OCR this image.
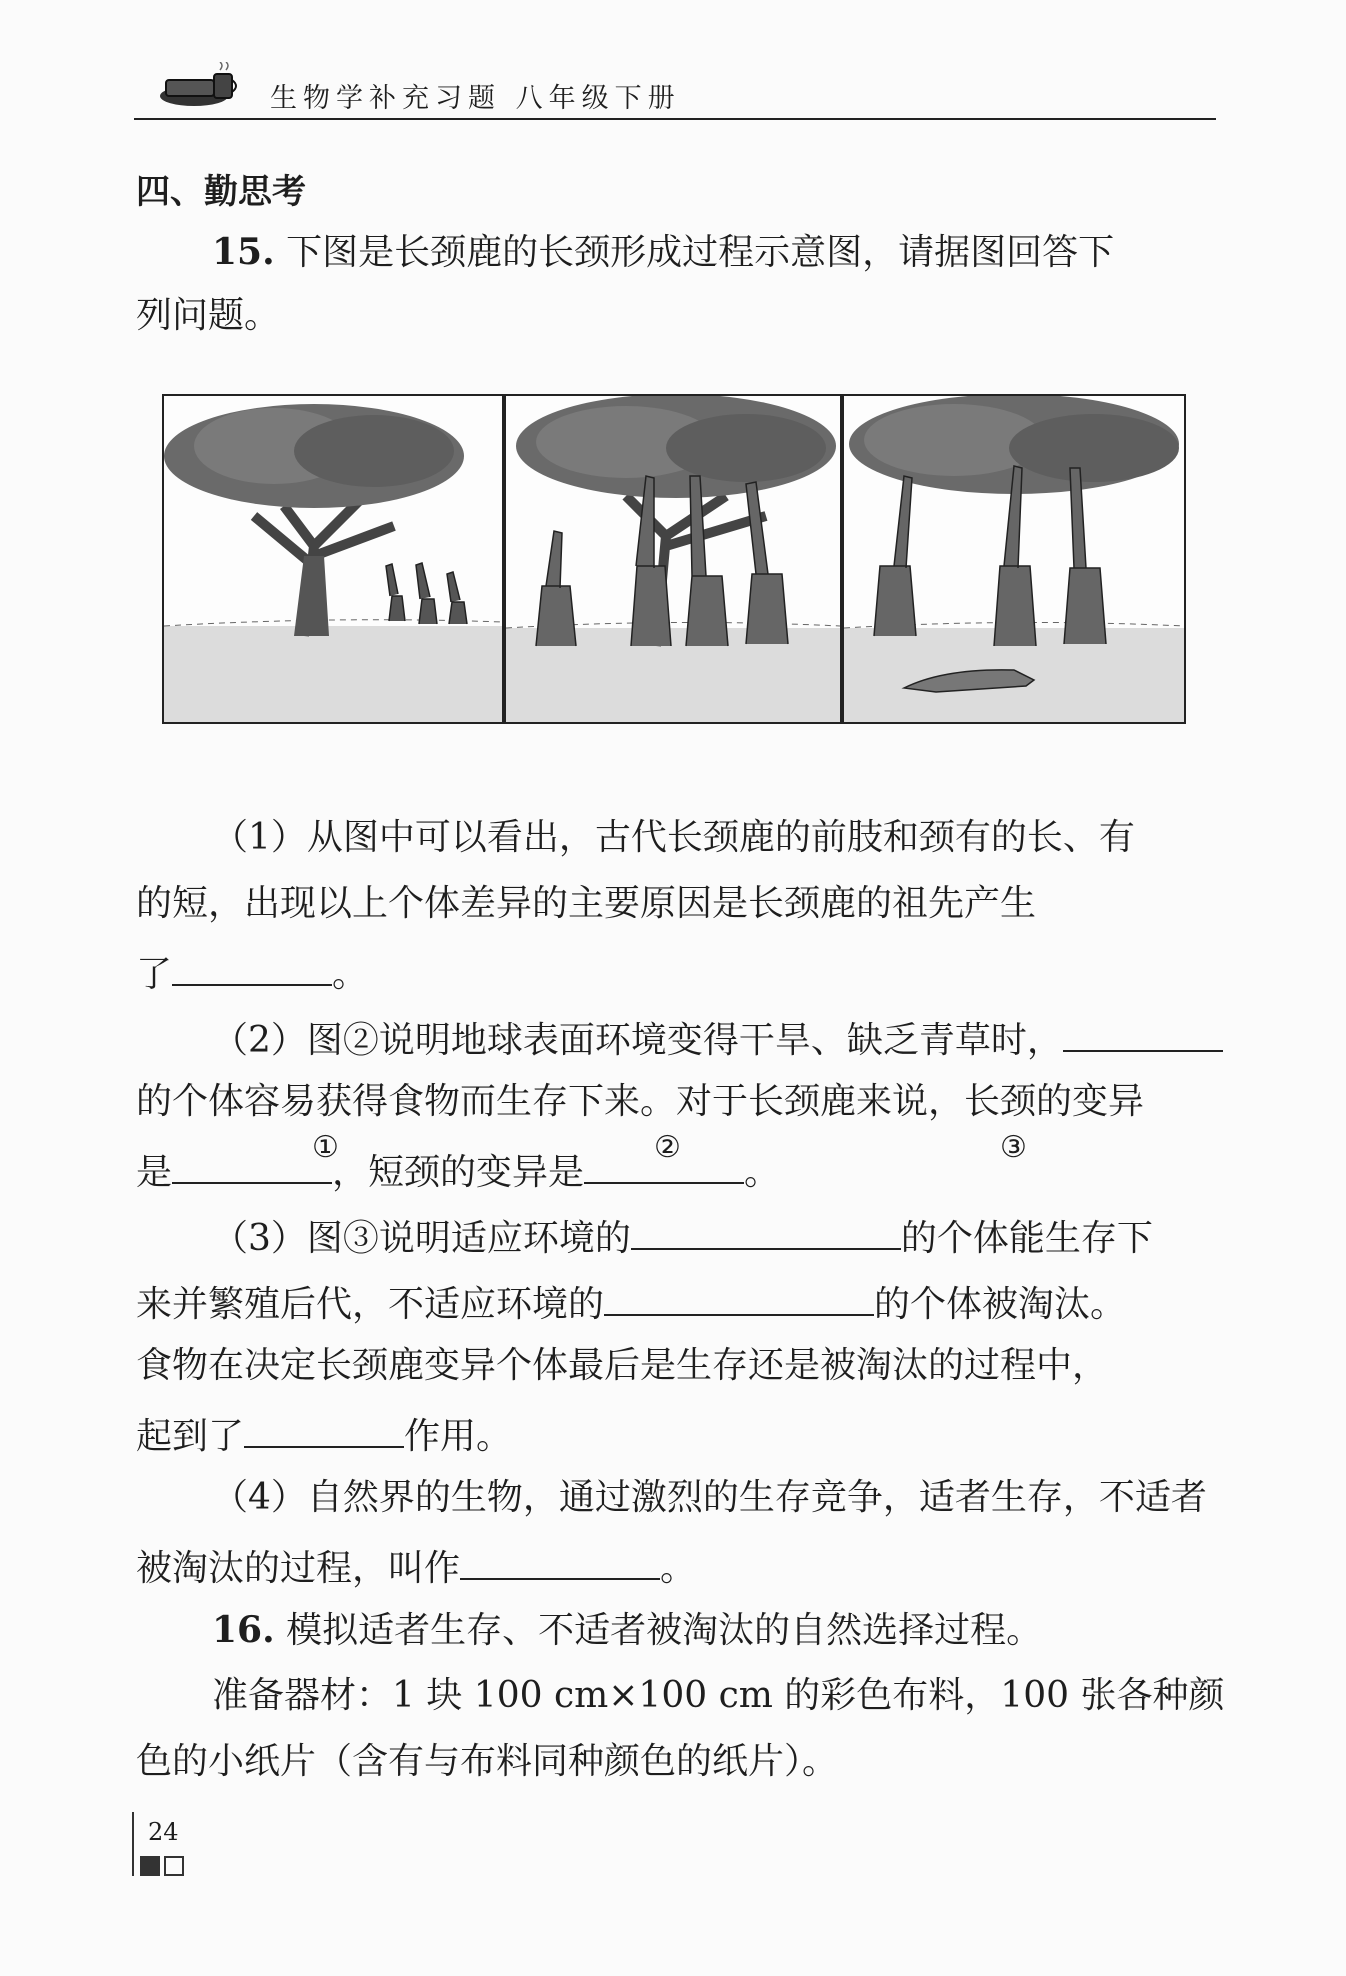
生物学补充习题 八年级下册
四、勤思考
15. 下图是长颈鹿的长颈形成过程示意图，请据图回答下
列问题。
①	②	③
（1）从图中可以看出，古代长颈鹿的前肢和颈有的长、有
的短，出现以上个体差异的主要原因是长颈鹿的祖先产生
了	。
（2）图②说明地球表面环境变得干旱、缺乏青草时，
的个体容易获得食物而生存下来。对于长颈鹿来说，长颈的变异
是	，短颈的变异是	。
（3）图③说明适应环境的	的个体能生存下
来并繁殖后代，不适应环境的	的个体被淘汰。
食物在决定长颈鹿变异个体最后是生存还是被淘汰的过程中，
起到了	作用。
（4）自然界的生物，通过激烈的生存竞争，适者生存，不适者
被淘汰的过程，叫作	。
16. 模拟适者生存、不适者被淘汰的自然选择过程。
准备器材：1 块 100 cm×100 cm 的彩色布料，100 张各种颜
色的小纸片（含有与布料同种颜色的纸片）。
24
